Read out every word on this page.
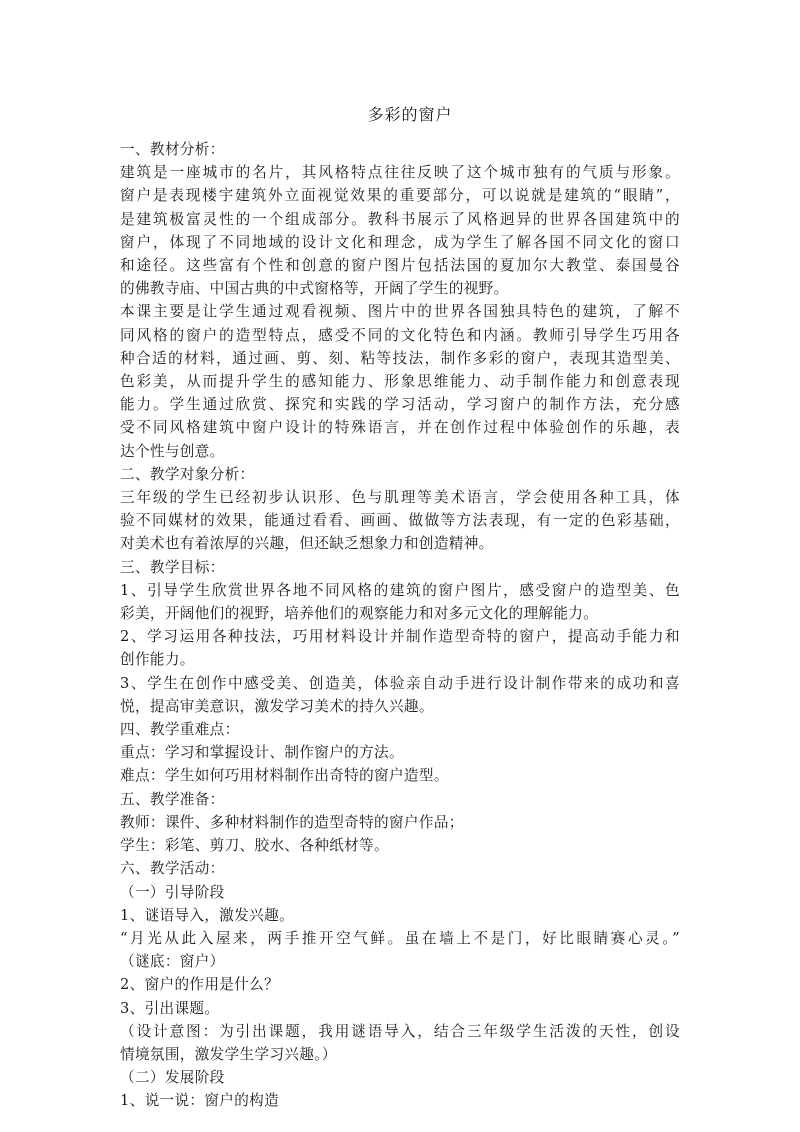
多彩的窗户

一、教材分析：

建筑是一座城市的名片，其风格特点往往反映了这个城市独有的气质与形象。

窗户是表现楼宇建筑外立面视觉效果的重要部分，可以说就是建筑的“眼睛”，

是建筑极富灵性的一个组成部分。教科书展示了风格迥异的世界各国建筑中的

窗户，体现了不同地域的设计文化和理念，成为学生了解各国不同文化的窗口

和途径。这些富有个性和创意的窗户图片包括法国的夏加尔大教堂、泰国曼谷

的佛教寺庙、中国古典的中式窗格等，开阔了学生的视野。

本课主要是让学生通过观看视频、图片中的世界各国独具特色的建筑，了解不

同风格的窗户的造型特点，感受不同的文化特色和内涵。教师引导学生巧用各

种合适的材料，通过画、剪、刻、粘等技法，制作多彩的窗户，表现其造型美、

色彩美，从而提升学生的感知能力、形象思维能力、动手制作能力和创意表现

能力。学生通过欣赏、探究和实践的学习活动，学习窗户的制作方法，充分感

受不同风格建筑中窗户设计的特殊语言，并在创作过程中体验创作的乐趣，表

达个性与创意。

二、教学对象分析：

三年级的学生已经初步认识形、色与肌理等美术语言，学会使用各种工具，体

验不同媒材的效果，能通过看看、画画、做做等方法表现，有一定的色彩基础，

对美术也有着浓厚的兴趣，但还缺乏想象力和创造精神。

三、教学目标：

1、引导学生欣赏世界各地不同风格的建筑的窗户图片，感受窗户的造型美、色

彩美，开阔他们的视野，培养他们的观察能力和对多元文化的理解能力。

2、学习运用各种技法，巧用材料设计并制作造型奇特的窗户，提高动手能力和

创作能力。

3、学生在创作中感受美、创造美，体验亲自动手进行设计制作带来的成功和喜

悦，提高审美意识，激发学习美术的持久兴趣。

四、教学重难点：

重点：学习和掌握设计、制作窗户的方法。

难点：学生如何巧用材料制作出奇特的窗户造型。

五、教学准备：

教师：课件、多种材料制作的造型奇特的窗户作品；

学生：彩笔、剪刀、胶水、各种纸材等。

六、教学活动：

（一）引导阶段

1、谜语导入，激发兴趣。

“月光从此入屋来，两手推开空气鲜。虽在墙上不是门，好比眼睛赛心灵。”

（谜底：窗户）

2、窗户的作用是什么？

3、引出课题。

（设计意图：为引出课题，我用谜语导入，结合三年级学生活泼的天性，创设

情境氛围，激发学生学习兴趣。）

（二）发展阶段

1、说一说：窗户的构造
